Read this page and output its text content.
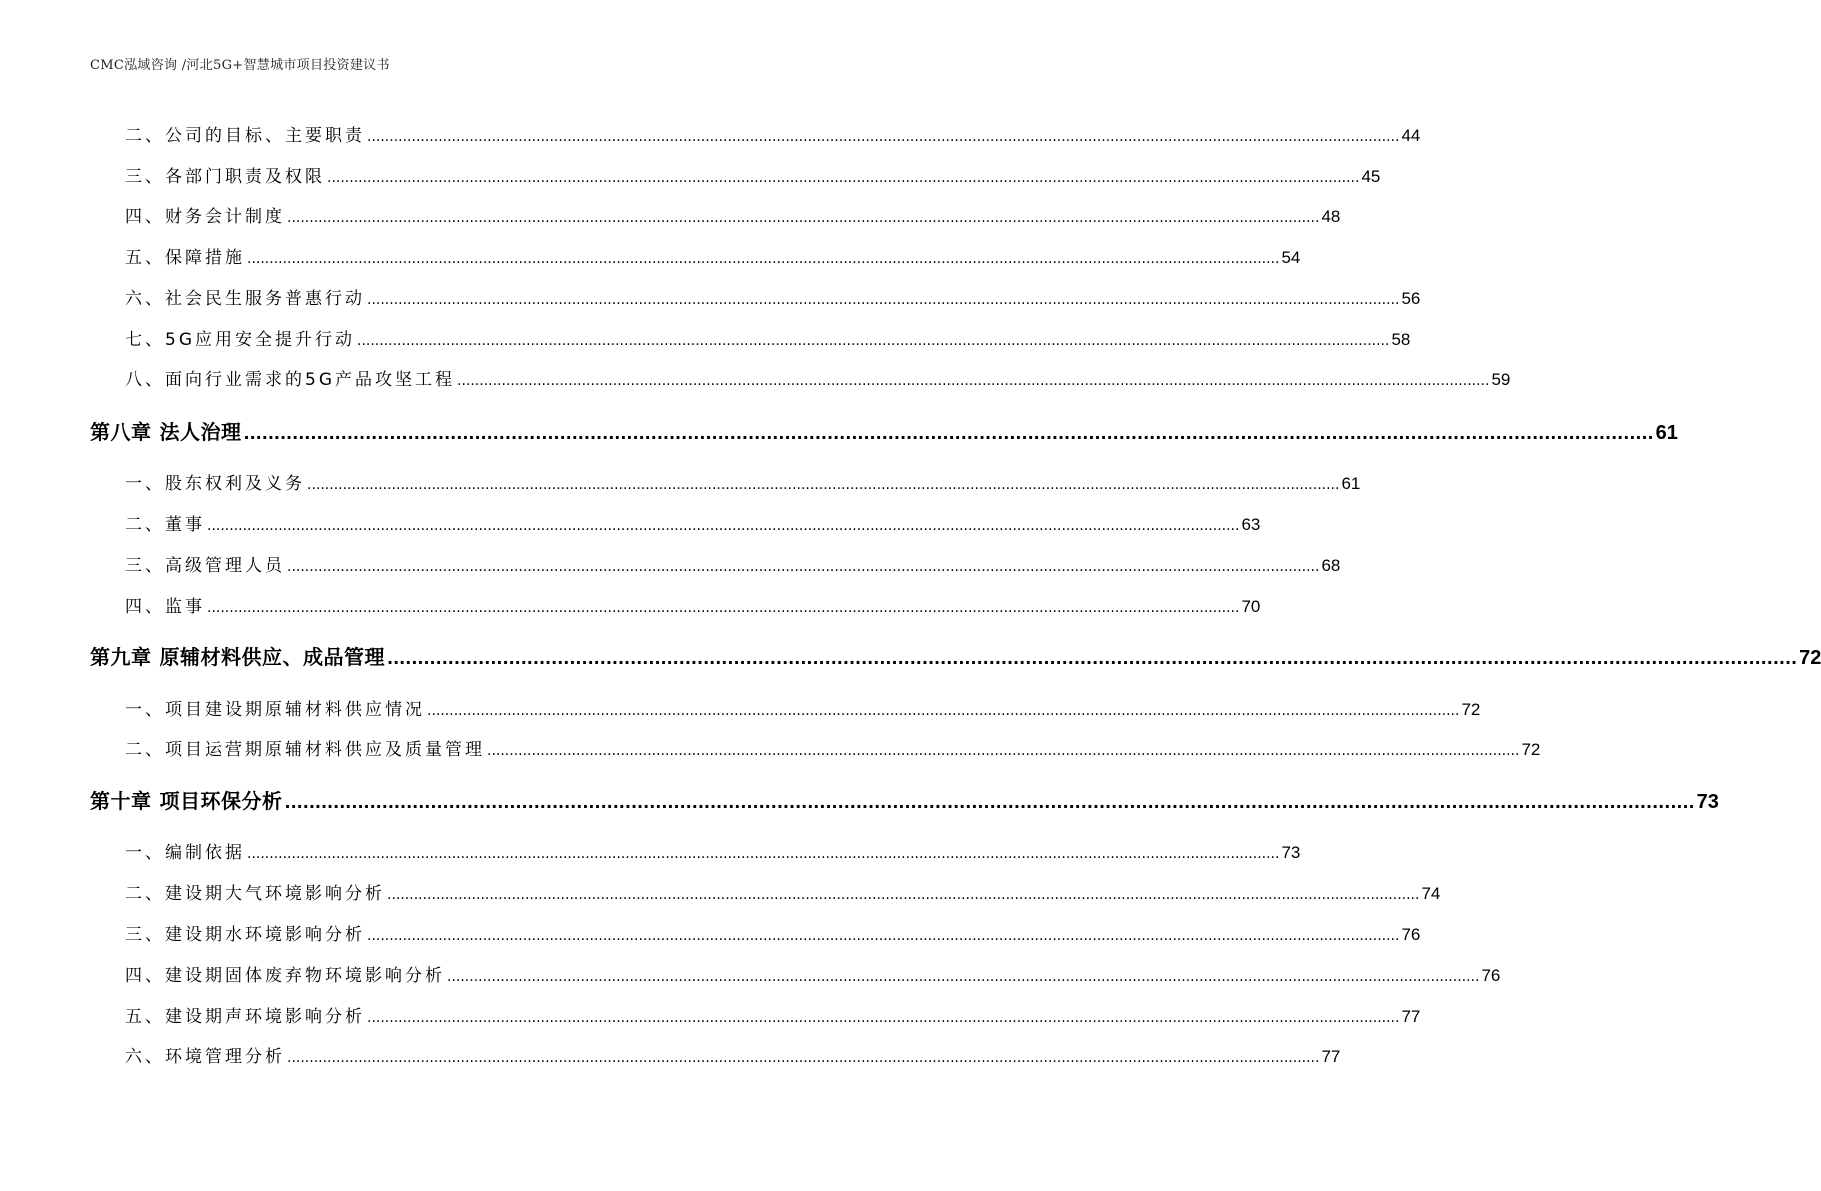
CMC泓域咨询 /河北5G+智慧城市项目投资建议书
二、 公司的目标、主要职责 ........................................................................................................................................................................................................................................ 44
三、 各部门职责及权限 ........................................................................................................................................................................................................................................ 45
四、 财务会计制度 ........................................................................................................................................................................................................................................ 48
五、 保障措施 ........................................................................................................................................................................................................................................ 54
六、 社会民生服务普惠行动 ........................................................................................................................................................................................................................................ 56
七、 5G应用安全提升行动 ........................................................................................................................................................................................................................................ 58
八、 面向行业需求的5G产品攻坚工程 ........................................................................................................................................................................................................................................ 59
第八章 法人治理 ........................................................................................................................................................................................................................................ 61
一、 股东权利及义务 ........................................................................................................................................................................................................................................ 61
二、 董事 ........................................................................................................................................................................................................................................ 63
三、 高级管理人员 ........................................................................................................................................................................................................................................ 68
四、 监事 ........................................................................................................................................................................................................................................ 70
第九章 原辅材料供应、成品管理 ........................................................................................................................................................................................................................................ 72
一、 项目建设期原辅材料供应情况 ........................................................................................................................................................................................................................................ 72
二、 项目运营期原辅材料供应及质量管理 ........................................................................................................................................................................................................................................ 72
第十章 项目环保分析 ........................................................................................................................................................................................................................................ 73
一、 编制依据 ........................................................................................................................................................................................................................................ 73
二、 建设期大气环境影响分析 ........................................................................................................................................................................................................................................ 74
三、 建设期水环境影响分析 ........................................................................................................................................................................................................................................ 76
四、 建设期固体废弃物环境影响分析 ........................................................................................................................................................................................................................................ 76
五、 建设期声环境影响分析 ........................................................................................................................................................................................................................................ 77
六、 环境管理分析 ........................................................................................................................................................................................................................................ 77
